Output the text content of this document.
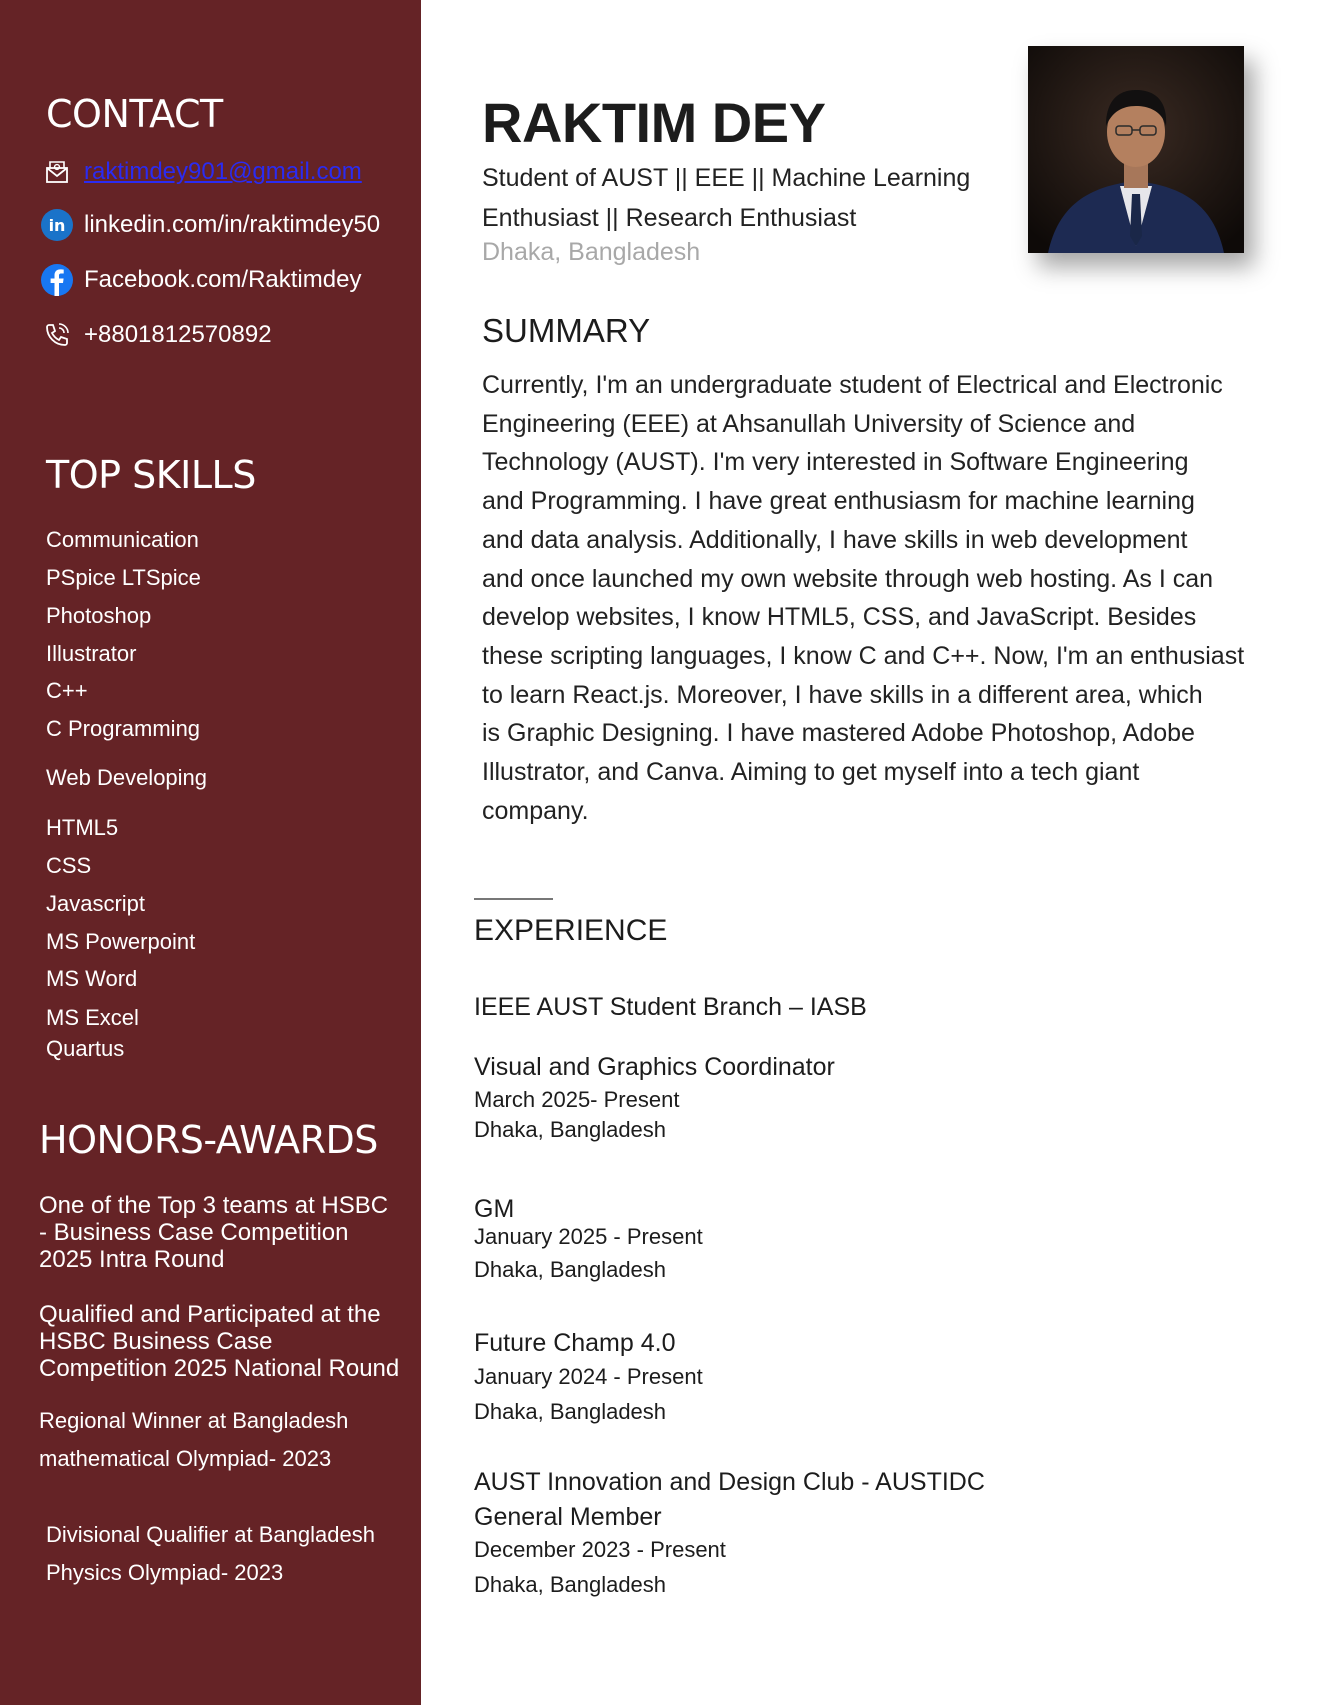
CONTACT
raktimdey901@gmail.com
in linkedin.com/in/raktimdey50
Facebook.com/Raktimdey
+8801812570892
TOP SKILLS
Communication
PSpice LTSpice
Photoshop
Illustrator
C++
C Programming
Web Developing
HTML5
CSS
Javascript
MS Powerpoint
MS Word
MS Excel
Quartus
HONORS-AWARDS
One of the Top 3 teams at HSBC
- Business Case Competition
2025 Intra Round
Qualified and Participated at the
HSBC Business Case
Competition 2025 National Round
Regional Winner at Bangladesh
mathematical Olympiad- 2023
Divisional Qualifier at Bangladesh
Physics Olympiad- 2023
RAKTIM DEY
Student of AUST || EEE || Machine Learning
Enthusiast || Research Enthusiast
Dhaka, Bangladesh
SUMMARY
Currently, I'm an undergraduate student of Electrical and Electronic
Engineering (EEE) at Ahsanullah University of Science and
Technology (AUST). I'm very interested in Software Engineering
and Programming. I have great enthusiasm for machine learning
and data analysis. Additionally, I have skills in web development
and once launched my own website through web hosting. As I can
develop websites, I know HTML5, CSS, and JavaScript. Besides
these scripting languages, I know C and C++. Now, I'm an enthusiast
to learn React.js. Moreover, I have skills in a different area, which
is Graphic Designing. I have mastered Adobe Photoshop, Adobe
Illustrator, and Canva. Aiming to get myself into a tech giant
company.
EXPERIENCE
IEEE AUST Student Branch – IASB
Visual and Graphics Coordinator
March 2025- Present
Dhaka, Bangladesh
GM
January 2025 - Present
Dhaka, Bangladesh
Future Champ 4.0
January 2024 - Present
Dhaka, Bangladesh
AUST Innovation and Design Club - AUSTIDC
General Member
December 2023 - Present
Dhaka, Bangladesh
